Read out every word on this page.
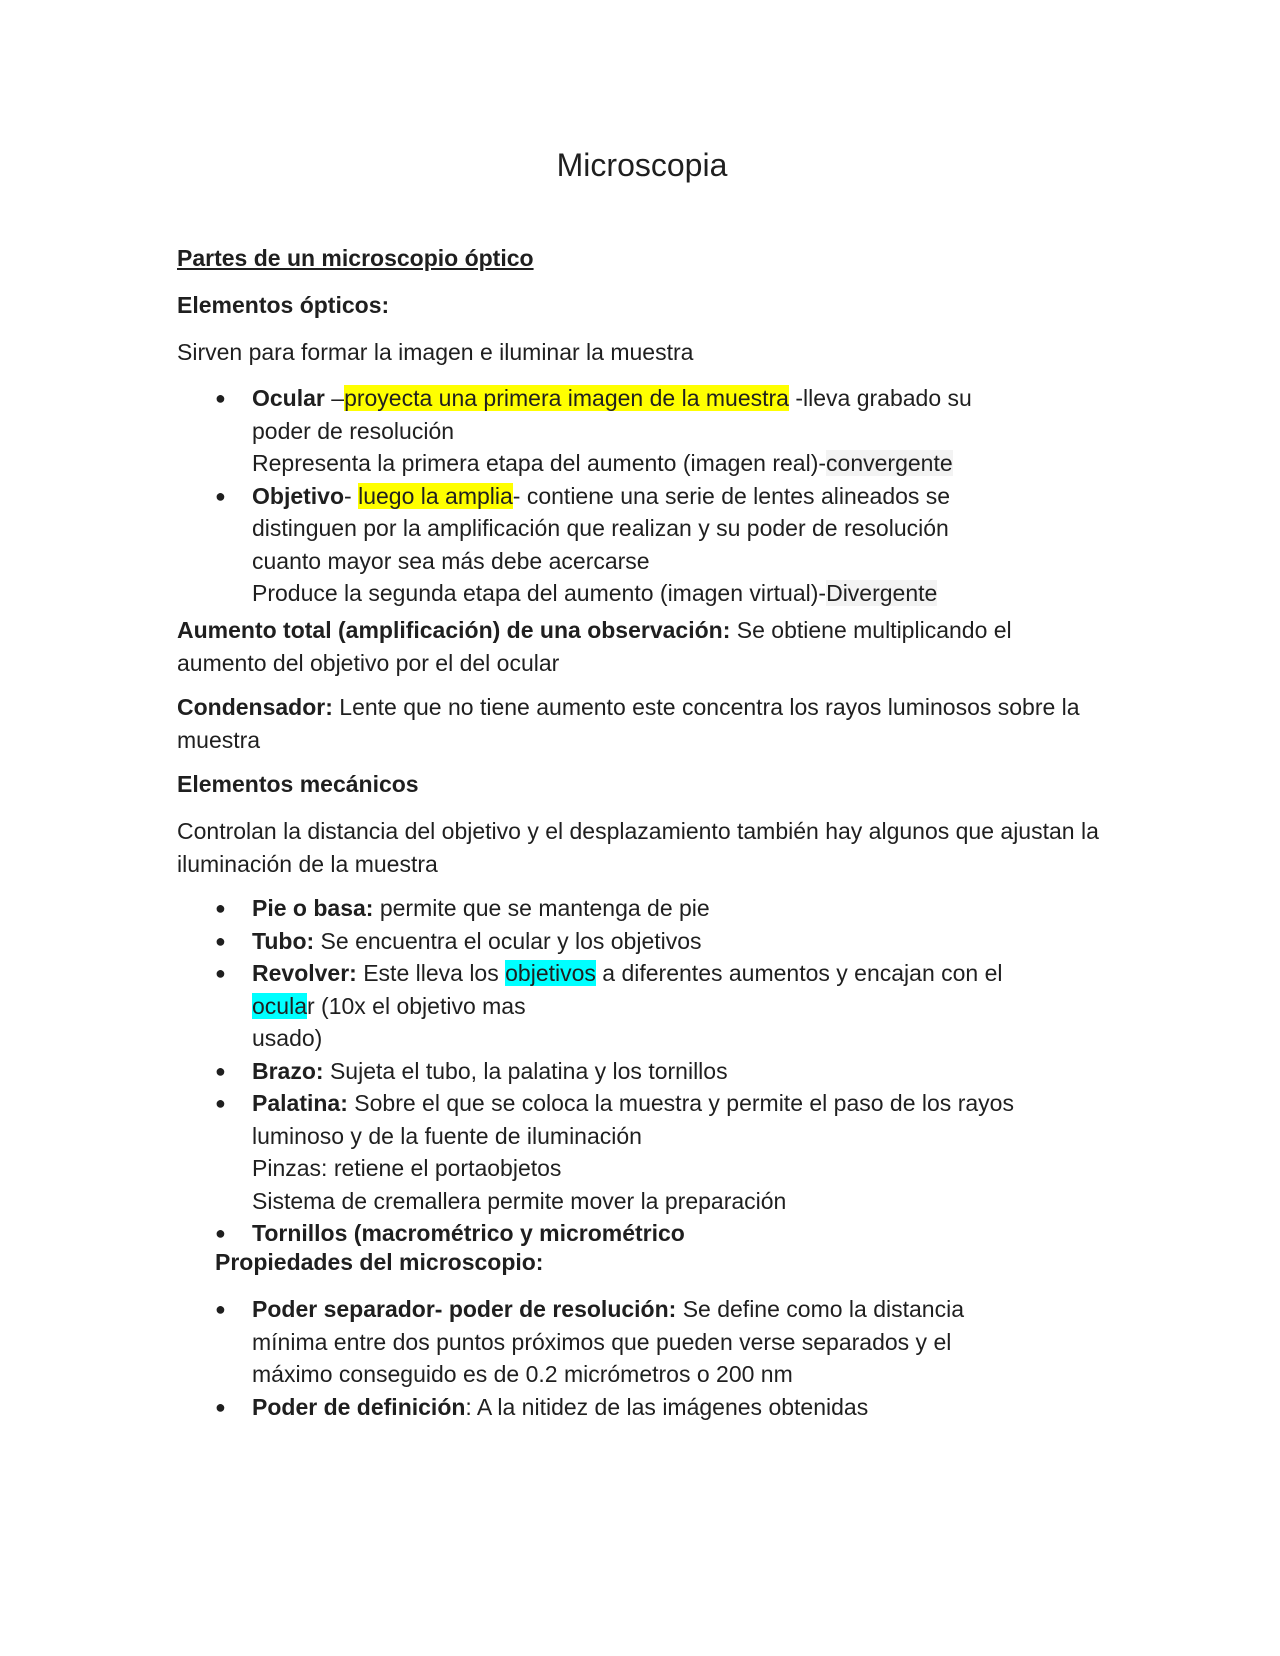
Microscopia
Partes de un microscopio óptico
Elementos ópticos:
Sirven para formar la imagen e iluminar la muestra
● Ocular –proyecta una primera imagen de la muestra -lleva grabado su poder de resolución
Representa la primera etapa del aumento (imagen real)-convergente
● Objetivo- luego la amplia- contiene una serie de lentes alineados se distinguen por la amplificación que realizan y su poder de resolución cuanto mayor sea más debe acercarse
Produce la segunda etapa del aumento (imagen virtual)-Divergente
Aumento total (amplificación) de una observación: Se obtiene multiplicando el aumento del objetivo por el del ocular
Condensador: Lente que no tiene aumento este concentra los rayos luminosos sobre la muestra
Elementos mecánicos
Controlan la distancia del objetivo y el desplazamiento también hay algunos que ajustan la iluminación de la muestra
● Pie o basa: permite que se mantenga de pie
● Tubo: Se encuentra el ocular y los objetivos
● Revolver: Este lleva los objetivos a diferentes aumentos y encajan con el
ocular (10x el objetivo mas
usado)
● Brazo: Sujeta el tubo, la palatina y los tornillos
● Palatina: Sobre el que se coloca la muestra y permite el paso de los rayos luminoso y de la fuente de iluminación
Pinzas: retiene el portaobjetos
Sistema de cremallera permite mover la preparación
● Tornillos (macrométrico y micrométrico
Propiedades del microscopio:
● Poder separador- poder de resolución: Se define como la distancia mínima entre dos puntos próximos que pueden verse separados y el máximo conseguido es de 0.2 micrómetros o 200 nm
● Poder de definición: A la nitidez de las imágenes obtenidas
